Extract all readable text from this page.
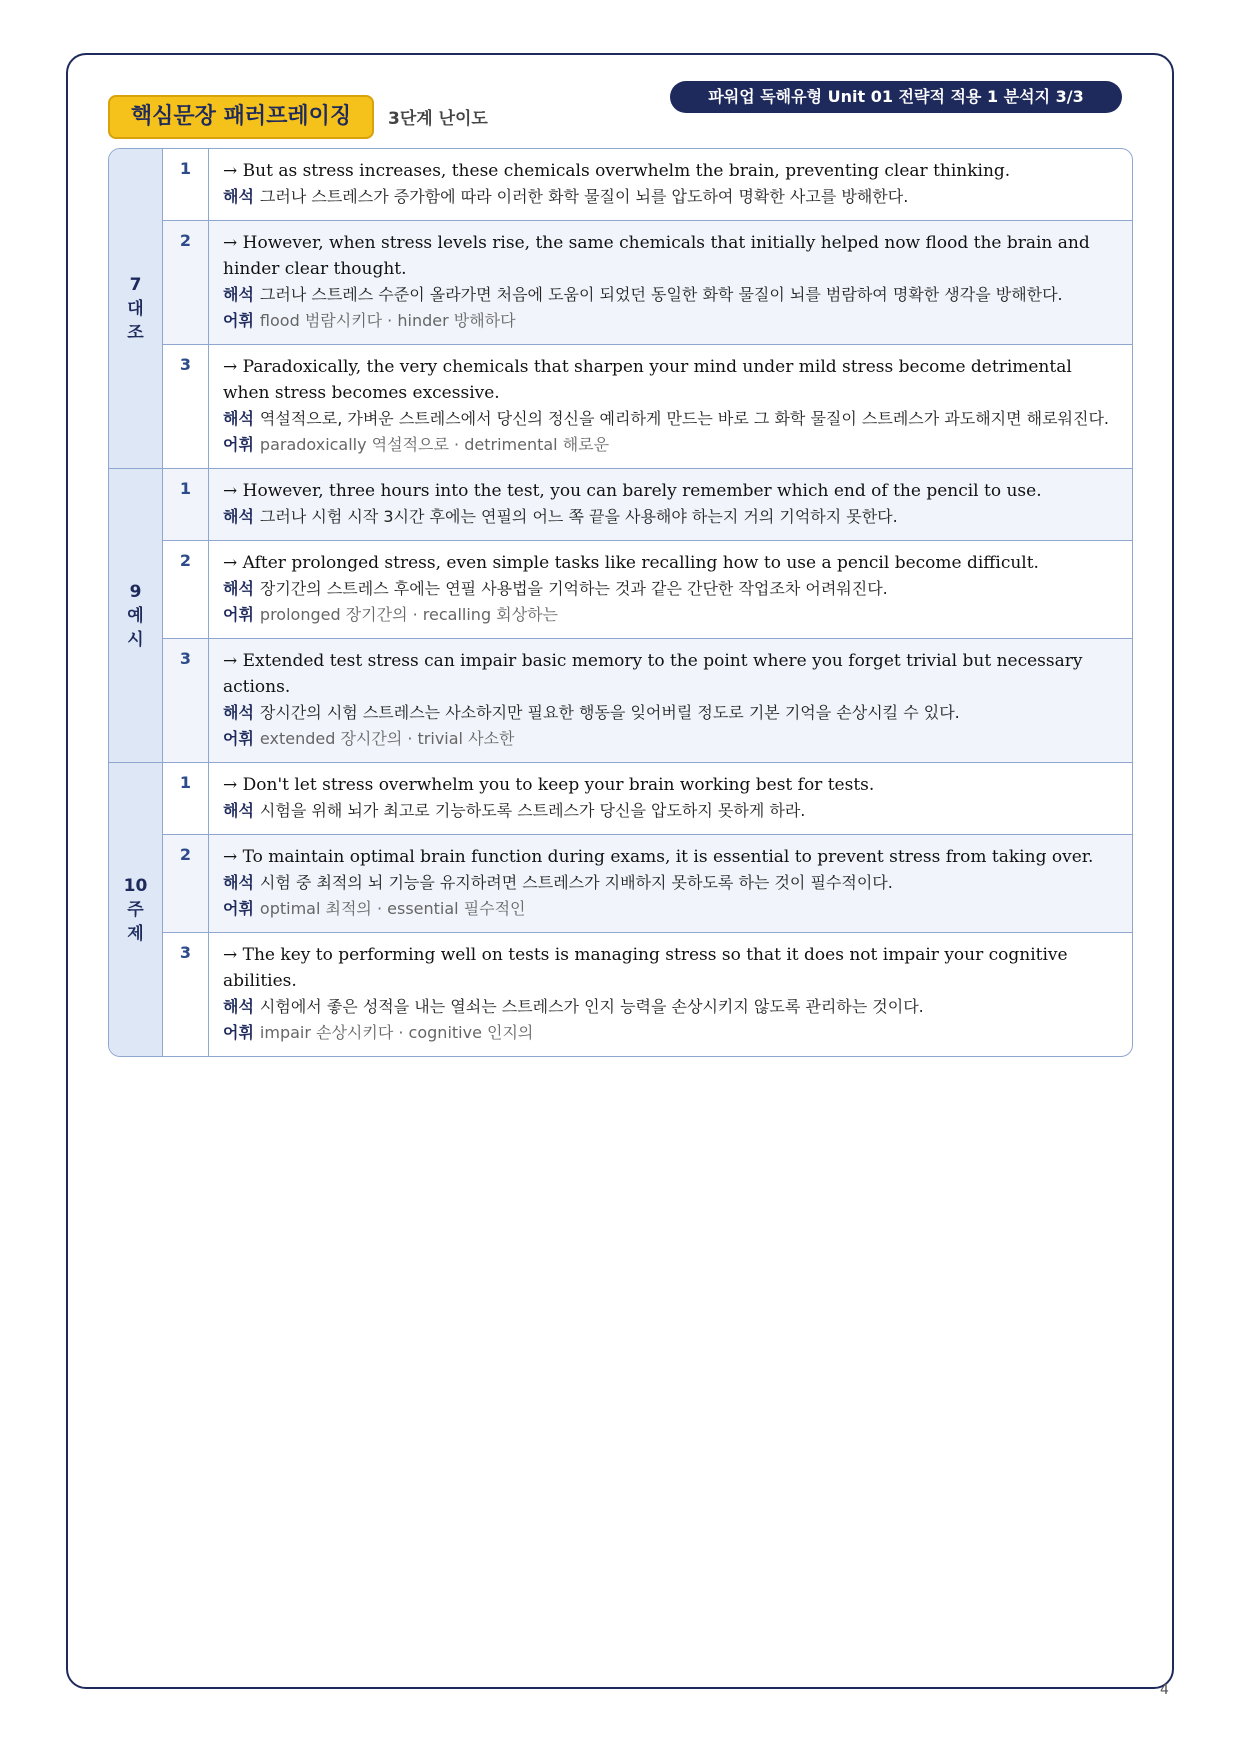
핵심문장 패러프레이징	3단계 난이도
파워업 독해유형 Unit 01 전략적 적용 1 분석지 3/3
7
대
조
1	→ But as stress increases, these chemicals overwhelm the brain, preventing clear thinking.
해석 그러나 스트레스가 증가함에 따라 이러한 화학 물질이 뇌를 압도하여 명확한 사고를 방해한다.
2	→ However, when stress levels rise, the same chemicals that initially helped now flood the brain and hinder clear thought.
해석 그러나 스트레스 수준이 올라가면 처음에 도움이 되었던 동일한 화학 물질이 뇌를 범람하여 명확한 생각을 방해한다.
어휘 flood 범람시키다 · hinder 방해하다
3	→ Paradoxically, the very chemicals that sharpen your mind under mild stress become detrimental when stress becomes excessive.
해석 역설적으로, 가벼운 스트레스에서 당신의 정신을 예리하게 만드는 바로 그 화학 물질이 스트레스가 과도해지면 해로워진다.
어휘 paradoxically 역설적으로 · detrimental 해로운
9
예
시
1	→ However, three hours into the test, you can barely remember which end of the pencil to use.
해석 그러나 시험 시작 3시간 후에는 연필의 어느 쪽 끝을 사용해야 하는지 거의 기억하지 못한다.
2	→ After prolonged stress, even simple tasks like recalling how to use a pencil become difficult.
해석 장기간의 스트레스 후에는 연필 사용법을 기억하는 것과 같은 간단한 작업조차 어려워진다.
어휘 prolonged 장기간의 · recalling 회상하는
3	→ Extended test stress can impair basic memory to the point where you forget trivial but necessary actions.
해석 장시간의 시험 스트레스는 사소하지만 필요한 행동을 잊어버릴 정도로 기본 기억을 손상시킬 수 있다.
어휘 extended 장시간의 · trivial 사소한
10
주
제
1	→ Don't let stress overwhelm you to keep your brain working best for tests.
해석 시험을 위해 뇌가 최고로 기능하도록 스트레스가 당신을 압도하지 못하게 하라.
2	→ To maintain optimal brain function during exams, it is essential to prevent stress from taking over.
해석 시험 중 최적의 뇌 기능을 유지하려면 스트레스가 지배하지 못하도록 하는 것이 필수적이다.
어휘 optimal 최적의 · essential 필수적인
3	→ The key to performing well on tests is managing stress so that it does not impair your cognitive abilities.
해석 시험에서 좋은 성적을 내는 열쇠는 스트레스가 인지 능력을 손상시키지 않도록 관리하는 것이다.
어휘 impair 손상시키다 · cognitive 인지의
4
